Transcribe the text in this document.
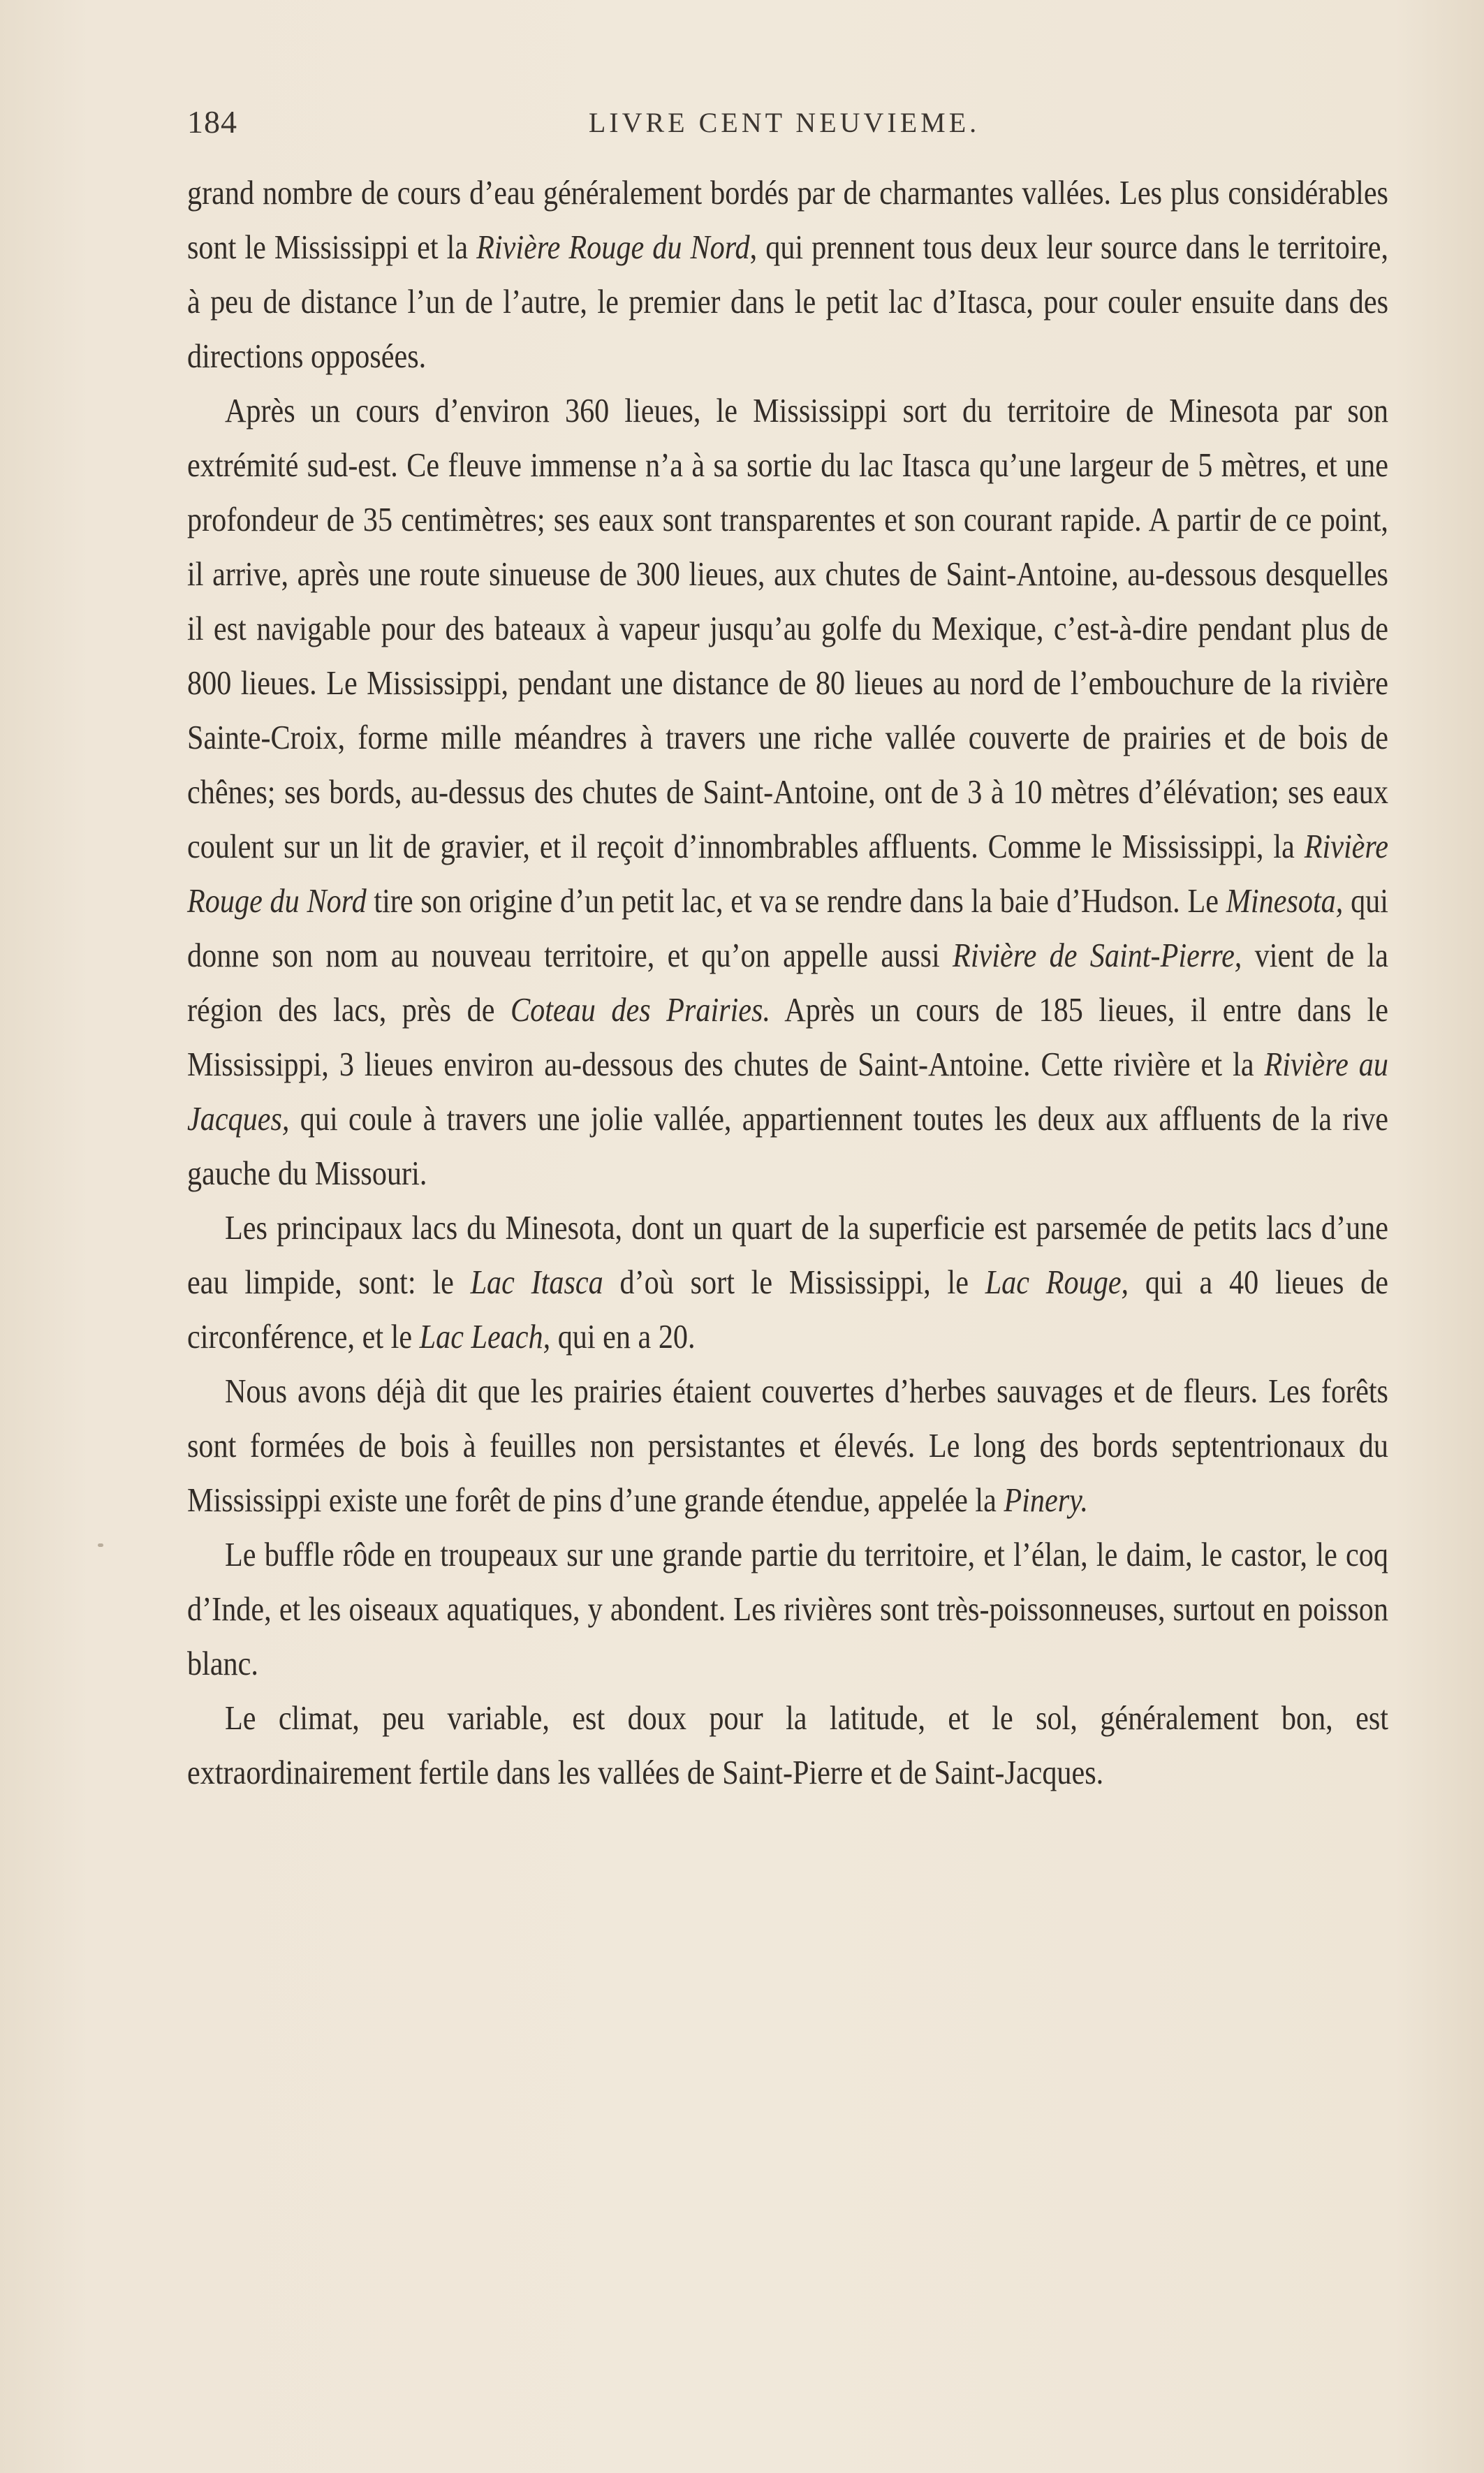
184	LIVRE CENT NEUVIEME.

grand nombre de cours d’eau généralement bordés par de charmantes vallées. Les plus considérables sont le Mississippi et la Rivière Rouge du Nord, qui prennent tous deux leur source dans le territoire, à peu de distance l’un de l’autre, le premier dans le petit lac d’Itasca, pour couler ensuite dans des directions opposées.

Après un cours d’environ 360 lieues, le Mississippi sort du territoire de Minesota par son extrémité sud-est. Ce fleuve immense n’a à sa sortie du lac Itasca qu’une largeur de 5 mètres, et une profondeur de 35 centimètres; ses eaux sont transparentes et son courant rapide. A partir de ce point, il arrive, après une route sinueuse de 300 lieues, aux chutes de Saint-Antoine, au-dessous desquelles il est navigable pour des bateaux à vapeur jusqu’au golfe du Mexique, c’est-à-dire pendant plus de 800 lieues. Le Mississippi, pendant une distance de 80 lieues au nord de l’embouchure de la rivière Sainte-Croix, forme mille méandres à travers une riche vallée couverte de prairies et de bois de chênes; ses bords, au-dessus des chutes de Saint-Antoine, ont de 3 à 10 mètres d’élévation; ses eaux coulent sur un lit de gravier, et il reçoit d’innombrables affluents. Comme le Mississippi, la Rivière Rouge du Nord tire son origine d’un petit lac, et va se rendre dans la baie d’Hudson. Le Minesota, qui donne son nom au nouveau territoire, et qu’on appelle aussi Rivière de Saint-Pierre, vient de la région des lacs, près de Coteau des Prairies. Après un cours de 185 lieues, il entre dans le Mississippi, 3 lieues environ au-dessous des chutes de Saint-Antoine. Cette rivière et la Rivière au Jacques, qui coule à travers une jolie vallée, appartiennent toutes les deux aux affluents de la rive gauche du Missouri.

Les principaux lacs du Minesota, dont un quart de la superficie est parsemée de petits lacs d’une eau limpide, sont: le Lac Itasca d’où sort le Mississippi, le Lac Rouge, qui a 40 lieues de circonférence, et le Lac Leach, qui en a 20.

Nous avons déjà dit que les prairies étaient couvertes d’herbes sauvages et de fleurs. Les forêts sont formées de bois à feuilles non persistantes et élevés. Le long des bords septentrionaux du Mississippi existe une forêt de pins d’une grande étendue, appelée la Pinery.

Le buffle rôde en troupeaux sur une grande partie du territoire, et l’élan, le daim, le castor, le coq d’Inde, et les oiseaux aquatiques, y abondent. Les rivières sont très-poissonneuses, surtout en poisson blanc.

Le climat, peu variable, est doux pour la latitude, et le sol, généralement bon, est extraordinairement fertile dans les vallées de Saint-Pierre et de Saint-Jacques.
